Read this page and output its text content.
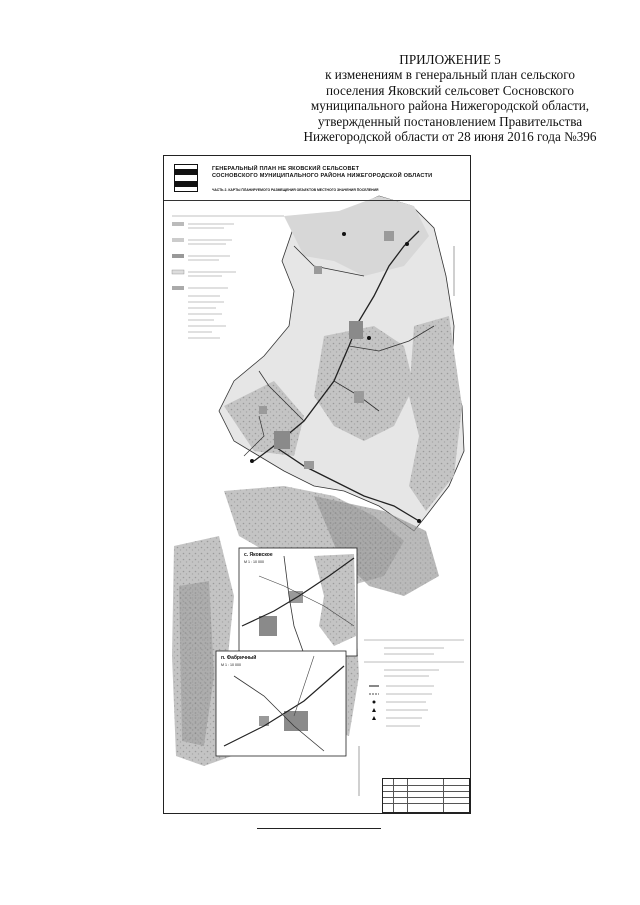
ПРИЛОЖЕНИЕ 5
к изменениям в генеральный план сельского
поселения Яковский сельсовет Сосновского
муниципального района Нижегородской области,
утвержденный постановлением Правительства
Нижегородской области от 28 июня 2016 года №396
ГЕНЕРАЛЬНЫЙ ПЛАН НЕ ЯКОВСКИЙ СЕЛЬСОВЕТ
СОСНОВСКОГО МУНИЦИПАЛЬНОГО РАЙОНА НИЖЕГОРОДСКОЙ ОБЛАСТИ
ЧАСТЬ 2. КАРТЫ ПЛАНИРУЕМОГО РАЗМЕЩЕНИЯ ОБЪЕКТОВ МЕСТНОГО ЗНАЧЕНИЯ ПОСЕЛЕНИЯ
с. Яковское
М 1 : 10 000
п. Фабричный
М 1 : 10 000
